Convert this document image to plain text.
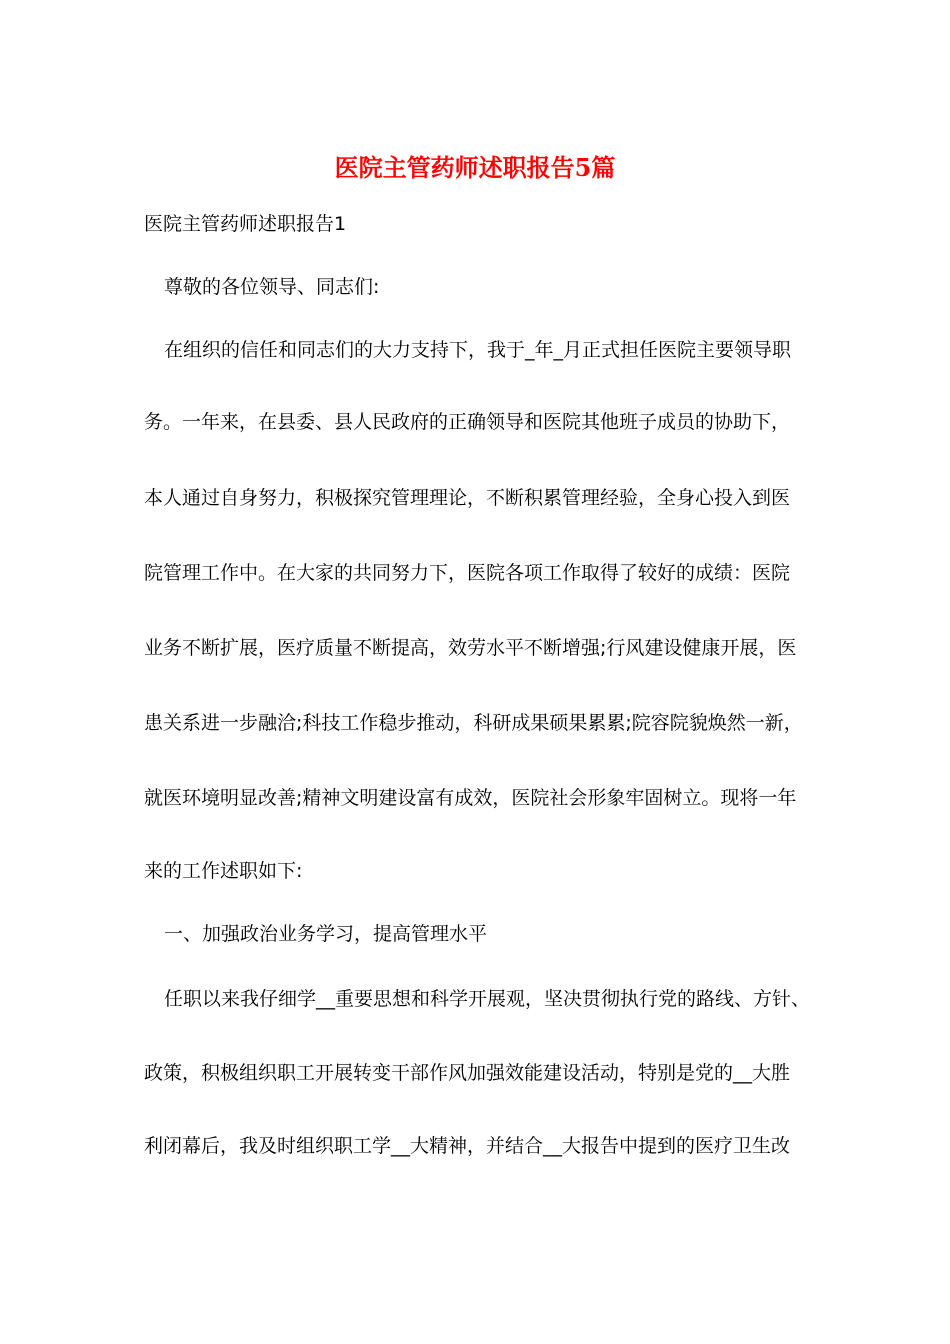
医院主管药师述职报告5篇

医院主管药师述职报告1

尊敬的各位领导、同志们:

在组织的信任和同志们的大力支持下，我于_年_月正式担任医院主要领导职

务。一年来，在县委、县人民政府的正确领导和医院其他班子成员的协助下，

本人通过自身努力，积极探究管理理论，不断积累管理经验，全身心投入到医

院管理工作中。在大家的共同努力下，医院各项工作取得了较好的成绩：医院

业务不断扩展，医疗质量不断提高，效劳水平不断增强;行风建设健康开展，医

患关系进一步融洽;科技工作稳步推动，科研成果硕果累累;院容院貌焕然一新，

就医环境明显改善;精神文明建设富有成效，医院社会形象牢固树立。现将一年

来的工作述职如下:

一、加强政治业务学习，提高管理水平

任职以来我仔细学__重要思想和科学开展观，坚决贯彻执行党的路线、方针、

政策，积极组织职工开展转变干部作风加强效能建设活动，特别是党的__大胜

利闭幕后，我及时组织职工学__大精神，并结合__大报告中提到的医疗卫生改
